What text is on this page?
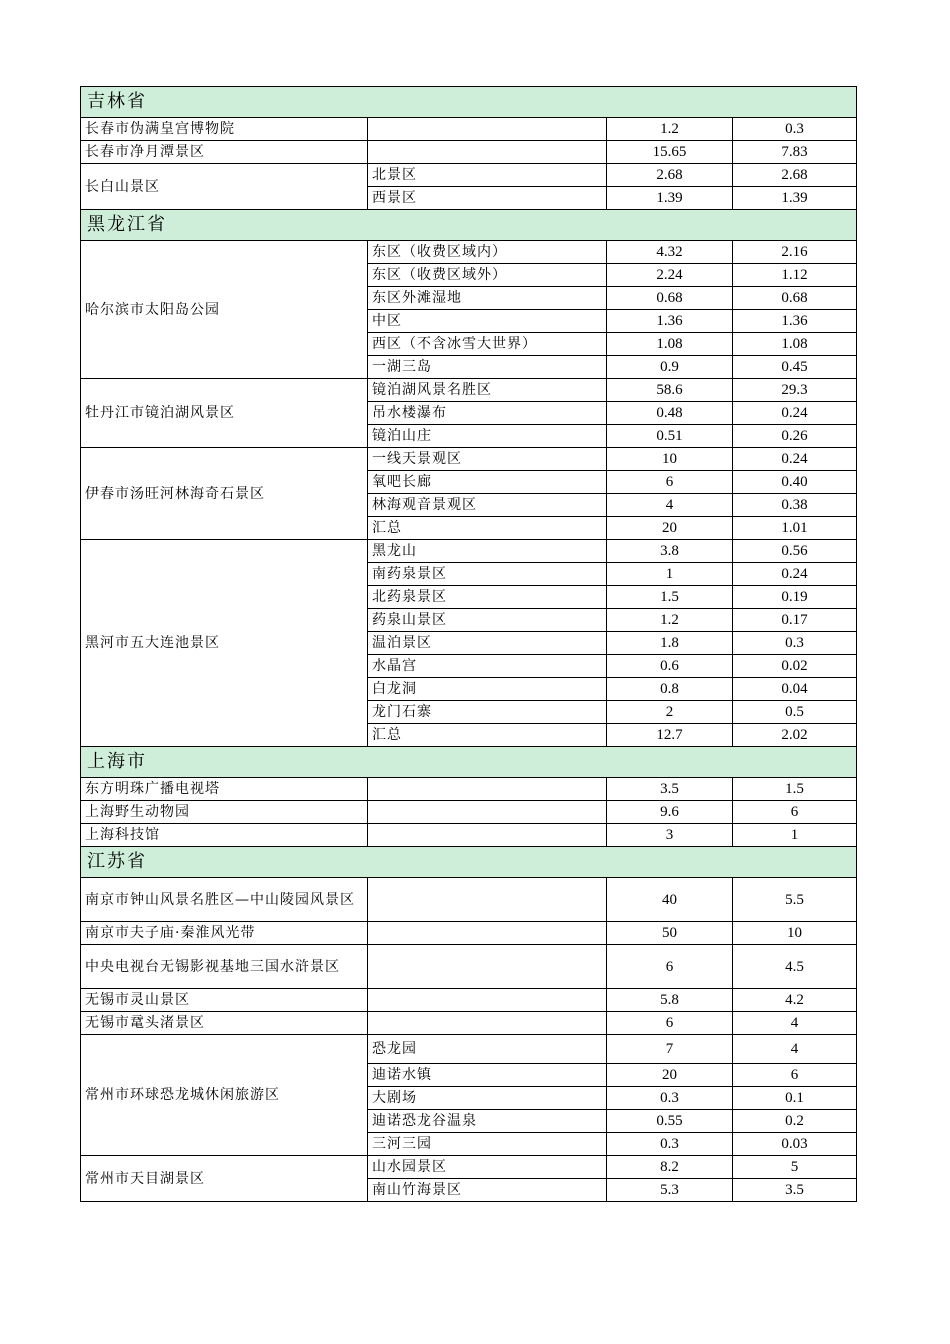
吉林省			
长春市伪满皇宫博物院		1.2	0.3
长春市净月潭景区		15.65	7.83
长白山景区	北景区	2.68	2.68
	西景区	1.39	1.39
黑龙江省			
哈尔滨市太阳岛公园	东区（收费区域内）	4.32	2.16
	东区（收费区域外）	2.24	1.12
	东区外滩湿地	0.68	0.68
	中区	1.36	1.36
	西区（不含冰雪大世界）	1.08	1.08
	一湖三岛	0.9	0.45
牡丹江市镜泊湖风景区	镜泊湖风景名胜区	58.6	29.3
	吊水楼瀑布	0.48	0.24
	镜泊山庄	0.51	0.26
伊春市汤旺河林海奇石景区	一线天景观区	10	0.24
	氧吧长廊	6	0.40
	林海观音景观区	4	0.38
	汇总	20	1.01
黑河市五大连池景区	黑龙山	3.8	0.56
	南药泉景区	1	0.24
	北药泉景区	1.5	0.19
	药泉山景区	1.2	0.17
	温泊景区	1.8	0.3
	水晶宫	0.6	0.02
	白龙洞	0.8	0.04
	龙门石寨	2	0.5
	汇总	12.7	2.02
上海市			
东方明珠广播电视塔		3.5	1.5
上海野生动物园		9.6	6
上海科技馆		3	1
江苏省			
南京市钟山风景名胜区—中山陵园风景区		40	5.5
南京市夫子庙·秦淮风光带		50	10
中央电视台无锡影视基地三国水浒景区		6	4.5
无锡市灵山景区		5.8	4.2
无锡市鼋头渚景区		6	4
常州市环球恐龙城休闲旅游区	恐龙园	7	4
	迪诺水镇	20	6
	大剧场	0.3	0.1
	迪诺恐龙谷温泉	0.55	0.2
	三河三园	0.3	0.03
常州市天目湖景区	山水园景区	8.2	5
	南山竹海景区	5.3	3.5
